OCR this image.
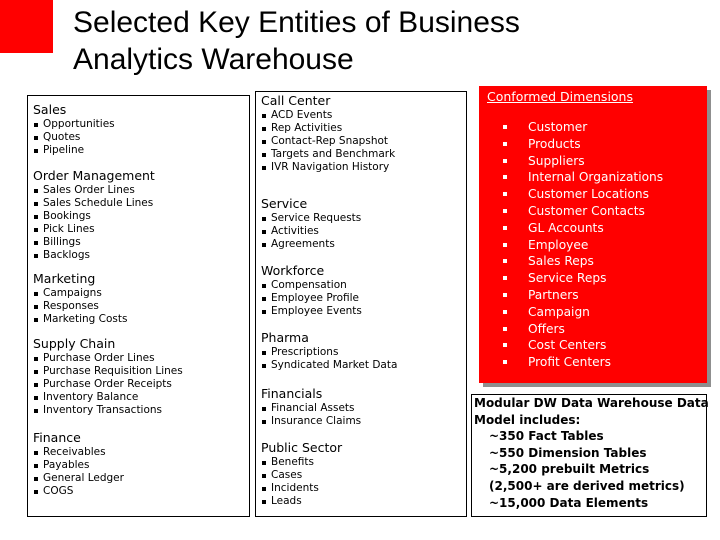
Selected Key Entities of Business
Analytics Warehouse
Sales
Opportunities
Quotes
Pipeline
Order Management
Sales Order Lines
Sales Schedule Lines
Bookings
Pick Lines
Billings
Backlogs
Marketing
Campaigns
Responses
Marketing Costs
Supply Chain
Purchase Order Lines
Purchase Requisition Lines
Purchase Order Receipts
Inventory Balance
Inventory Transactions
Finance
Receivables
Payables
General Ledger
COGS
Call Center
ACD Events
Rep Activities
Contact-Rep Snapshot
Targets and Benchmark
IVR Navigation History
Service
Service Requests
Activities
Agreements
Workforce
Compensation
Employee Profile
Employee Events
Pharma
Prescriptions
Syndicated Market Data
Financials
Financial Assets
Insurance Claims
Public Sector
Benefits
Cases
Incidents
Leads
Conformed Dimensions
Customer
Products
Suppliers
Internal Organizations
Customer Locations
Customer Contacts
GL Accounts
Employee
Sales Reps
Service Reps
Partners
Campaign
Offers
Cost Centers
Profit Centers
Modular DW Data Warehouse Data
Model includes:
~350 Fact Tables
~550 Dimension Tables
~5,200 prebuilt Metrics
(2,500+ are derived metrics)
~15,000 Data Elements
